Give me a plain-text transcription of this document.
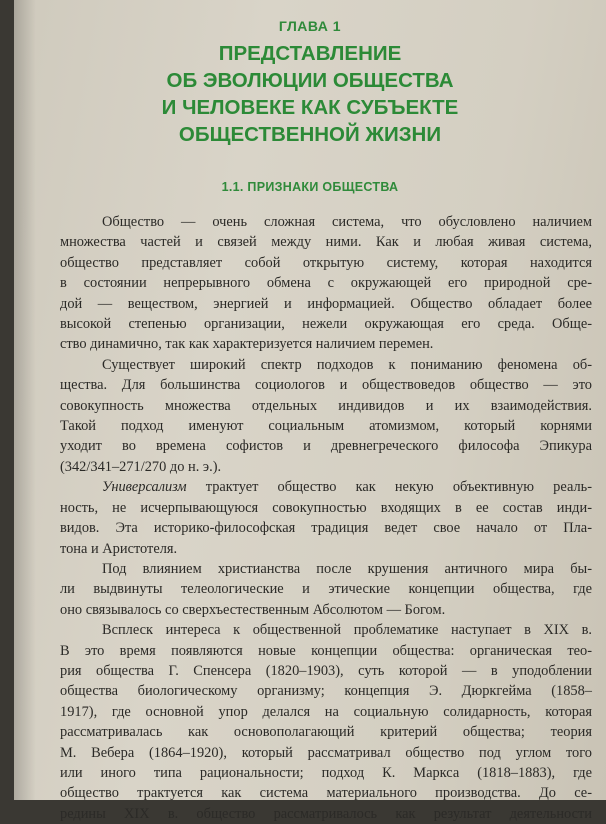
ГЛАВА 1
ПРЕДСТАВЛЕНИЕ
ОБ ЭВОЛЮЦИИ ОБЩЕСТВА
И ЧЕЛОВЕКЕ КАК СУБЪЕКТЕ
ОБЩЕСТВЕННОЙ ЖИЗНИ
1.1. ПРИЗНАКИ ОБЩЕСТВА
Общество — очень сложная система, что обусловлено наличием
множества частей и связей между ними. Как и любая живая система,
общество представляет собой открытую систему, которая находится
в состоянии непрерывного обмена с окружающей его природной сре-
дой — веществом, энергией и информацией. Общество обладает более
высокой степенью организации, нежели окружающая его среда. Обще-
ство динамично, так как характеризуется наличием перемен.
Существует широкий спектр подходов к пониманию феномена об-
щества. Для большинства социологов и обществоведов общество — это
совокупность множества отдельных индивидов и их взаимодействия.
Такой подход именуют социальным атомизмом, который корнями
уходит во времена софистов и древнегреческого философа Эпикура
(342/341–271/270 до н. э.).
Универсализм трактует общество как некую объективную реаль-
ность, не исчерпывающуюся совокупностью входящих в ее состав инди-
видов. Эта историко-философская традиция ведет свое начало от Пла-
тона и Аристотеля.
Под влиянием христианства после крушения античного мира бы-
ли выдвинуты телеологические и этические концепции общества, где
оно связывалось со сверхъестественным Абсолютом — Богом.
Всплеск интереса к общественной проблематике наступает в XIX в.
В это время появляются новые концепции общества: органическая тео-
рия общества Г. Спенсера (1820–1903), суть которой — в уподоблении
общества биологическому организму; концепция Э. Дюркгейма (1858–
1917), где основной упор делался на социальную солидарность, которая
рассматривалась как основополагающий критерий общества; теория
М. Вебера (1864–1920), который рассматривал общество под углом того
или иного типа рациональности; подход К. Маркса (1818–1883), где
общество трактуется как система материального производства. До се-
редины XIX в. общество рассматривалось как результат деятельности
